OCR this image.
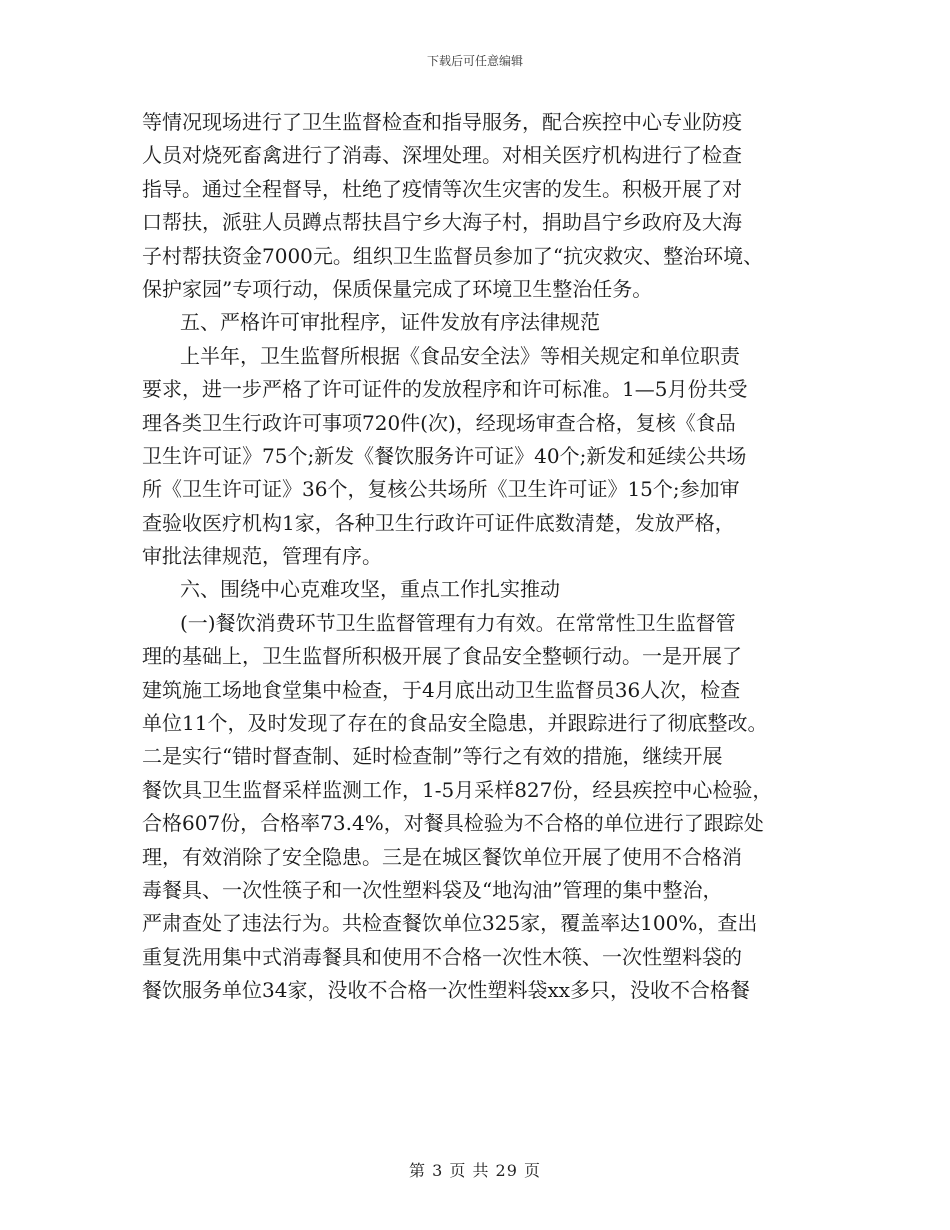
下载后可任意编辑
等情况现场进行了卫生监督检查和指导服务，配合疾控中心专业防疫
人员对烧死畜禽进行了消毒、深埋处理。对相关医疗机构进行了检查
指导。通过全程督导，杜绝了疫情等次生灾害的发生。积极开展了对
口帮扶，派驻人员蹲点帮扶昌宁乡大海子村，捐助昌宁乡政府及大海
子村帮扶资金7000元。组织卫生监督员参加了“抗灾救灾、整治环境、
保护家园”专项行动，保质保量完成了环境卫生整治任务。
五、严格许可审批程序，证件发放有序法律规范
上半年，卫生监督所根据《食品安全法》等相关规定和单位职责
要求，进一步严格了许可证件的发放程序和许可标准。1—5月份共受
理各类卫生行政许可事项720件(次)，经现场审查合格，复核《食品
卫生许可证》75个;新发《餐饮服务许可证》40个;新发和延续公共场
所《卫生许可证》36个，复核公共场所《卫生许可证》15个;参加审
查验收医疗机构1家，各种卫生行政许可证件底数清楚，发放严格，
审批法律规范，管理有序。
六、围绕中心克难攻坚，重点工作扎实推动
(一)餐饮消费环节卫生监督管理有力有效。在常常性卫生监督管
理的基础上，卫生监督所积极开展了食品安全整顿行动。一是开展了
建筑施工场地食堂集中检查，于4月底出动卫生监督员36人次，检查
单位11个，及时发现了存在的食品安全隐患，并跟踪进行了彻底整改。
二是实行“错时督查制、延时检查制”等行之有效的措施，继续开展
餐饮具卫生监督采样监测工作，1-5月采样827份，经县疾控中心检验，
合格607份，合格率73.4%，对餐具检验为不合格的单位进行了跟踪处
理，有效消除了安全隐患。三是在城区餐饮单位开展了使用不合格消
毒餐具、一次性筷子和一次性塑料袋及“地沟油”管理的集中整治，
严肃查处了违法行为。共检查餐饮单位325家，覆盖率达100%，查出
重复洗用集中式消毒餐具和使用不合格一次性木筷、一次性塑料袋的
餐饮服务单位34家，没收不合格一次性塑料袋xx多只，没收不合格餐
第 3 页 共 29 页
